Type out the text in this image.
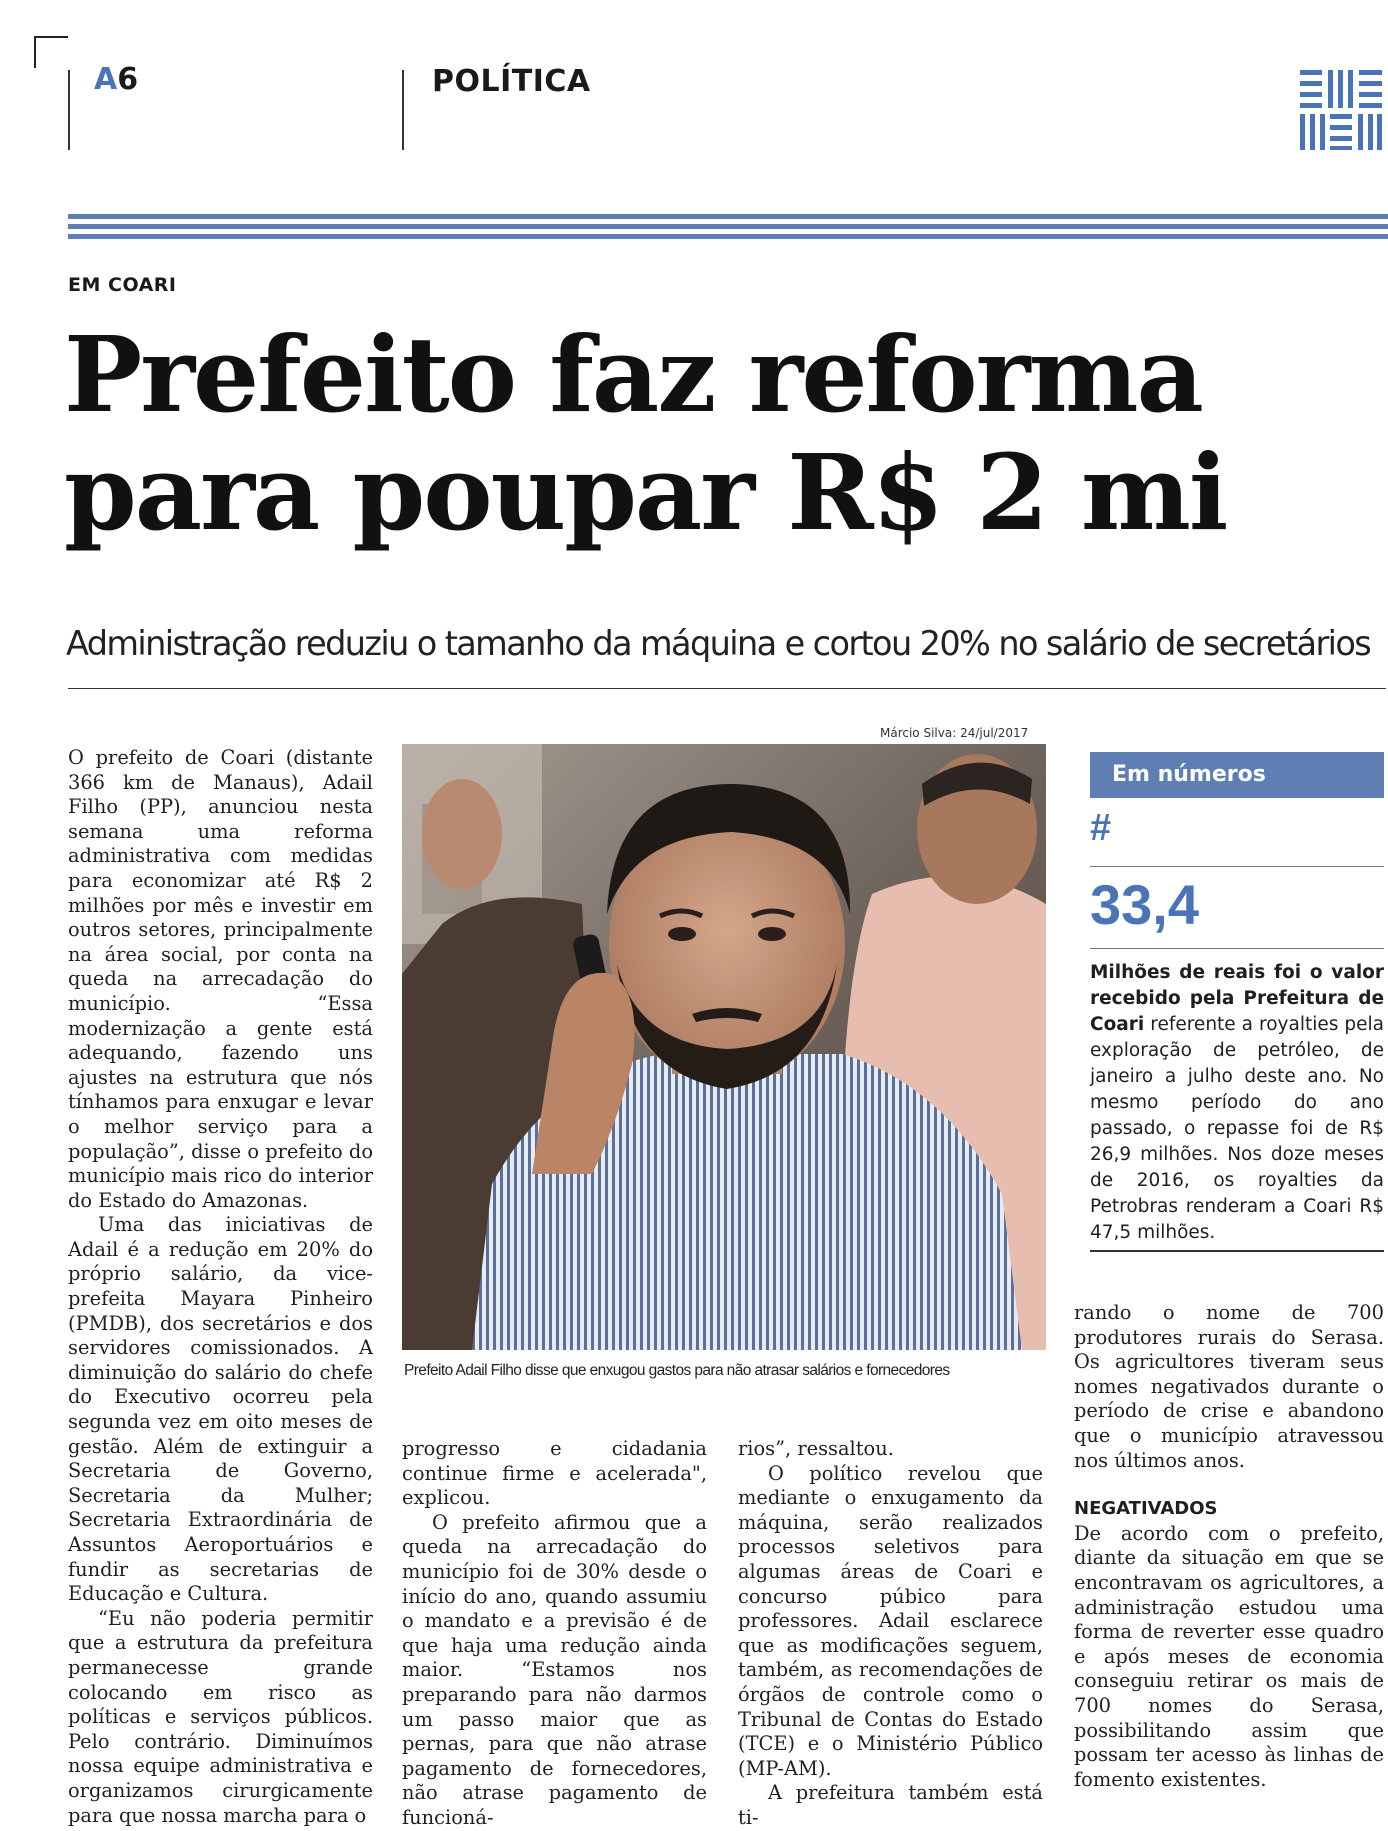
A6	POLÍTICA
EM COARI
Prefeito faz reforma
para poupar R$ 2 mi
Administração reduziu o tamanho da máquina e cortou 20% no salário de secretários

O prefeito de Coari (distante 366 km de Manaus), Adail Filho (PP), anunciou nesta semana uma reforma administrativa com medidas para economizar até R$ 2 milhões por mês e investir em outros setores, principalmente na área social, por conta na queda na arrecadação do município. “Essa modernização a gente está adequando, fazendo uns ajustes na estrutura que nós tínhamos para enxugar e levar o melhor serviço para a população”, disse o prefeito do município mais rico do interior do Estado do Amazonas.

Uma das iniciativas de Adail é a redução em 20% do próprio salário, da vice-prefeita Mayara Pinheiro (PMDB), dos secretários e dos servidores comissionados. A diminuição do salário do chefe do Executivo ocorreu pela segunda vez em oito meses de gestão. Além de extinguir a Secretaria de Governo, Secretaria da Mulher; Secretaria Extraordinária de Assuntos Aeroportuários e fundir as secretarias de Educação e Cultura.

“Eu não poderia permitir que a estrutura da prefeitura permanecesse grande colocando em risco as políticas e serviços públicos. Pelo contrário. Diminuímos nossa equipe administrativa e organizamos cirurgicamente para que nossa marcha para o

Márcio Silva: 24/jul/2017
Prefeito Adail Filho disse que enxugou gastos para não atrasar salários e fornecedores

progresso e cidadania continue firme e acelerada", explicou.

O prefeito afirmou que a queda na arrecadação do município foi de 30% desde o início do ano, quando assumiu o mandato e a previsão é de que haja uma redução ainda maior. “Estamos nos preparando para não darmos um passo maior que as pernas, para que não atrase pagamento de fornecedores, não atrase pagamento de funcioná-

rios”, ressaltou.

O político revelou que mediante o enxugamento da máquina, serão realizados processos seletivos para algumas áreas de Coari e concurso púbico para professores. Adail esclarece que as modificações seguem, também, as recomendações de órgãos de controle como o Tribunal de Contas do Estado (TCE) e o Ministério Público (MP-AM).

A prefeitura também está ti-

Em números
#
33,4
Milhões de reais foi o valor recebido pela Prefeitura de Coari referente a royalties pela exploração de petróleo, de janeiro a julho deste ano. No mesmo período do ano passado, o repasse foi de R$ 26,9 milhões. Nos doze meses de 2016, os royalties da Petrobras renderam a Coari R$ 47,5 milhões.

rando o nome de 700 produtores rurais do Serasa. Os agricultores tiveram seus nomes negativados durante o período de crise e abandono que o município atravessou nos últimos anos.

NEGATIVADOS

De acordo com o prefeito, diante da situação em que se encontravam os agricultores, a administração estudou uma forma de reverter esse quadro e após meses de economia conseguiu retirar os mais de 700 nomes do Serasa, possibilitando assim que possam ter acesso às linhas de fomento existentes.
